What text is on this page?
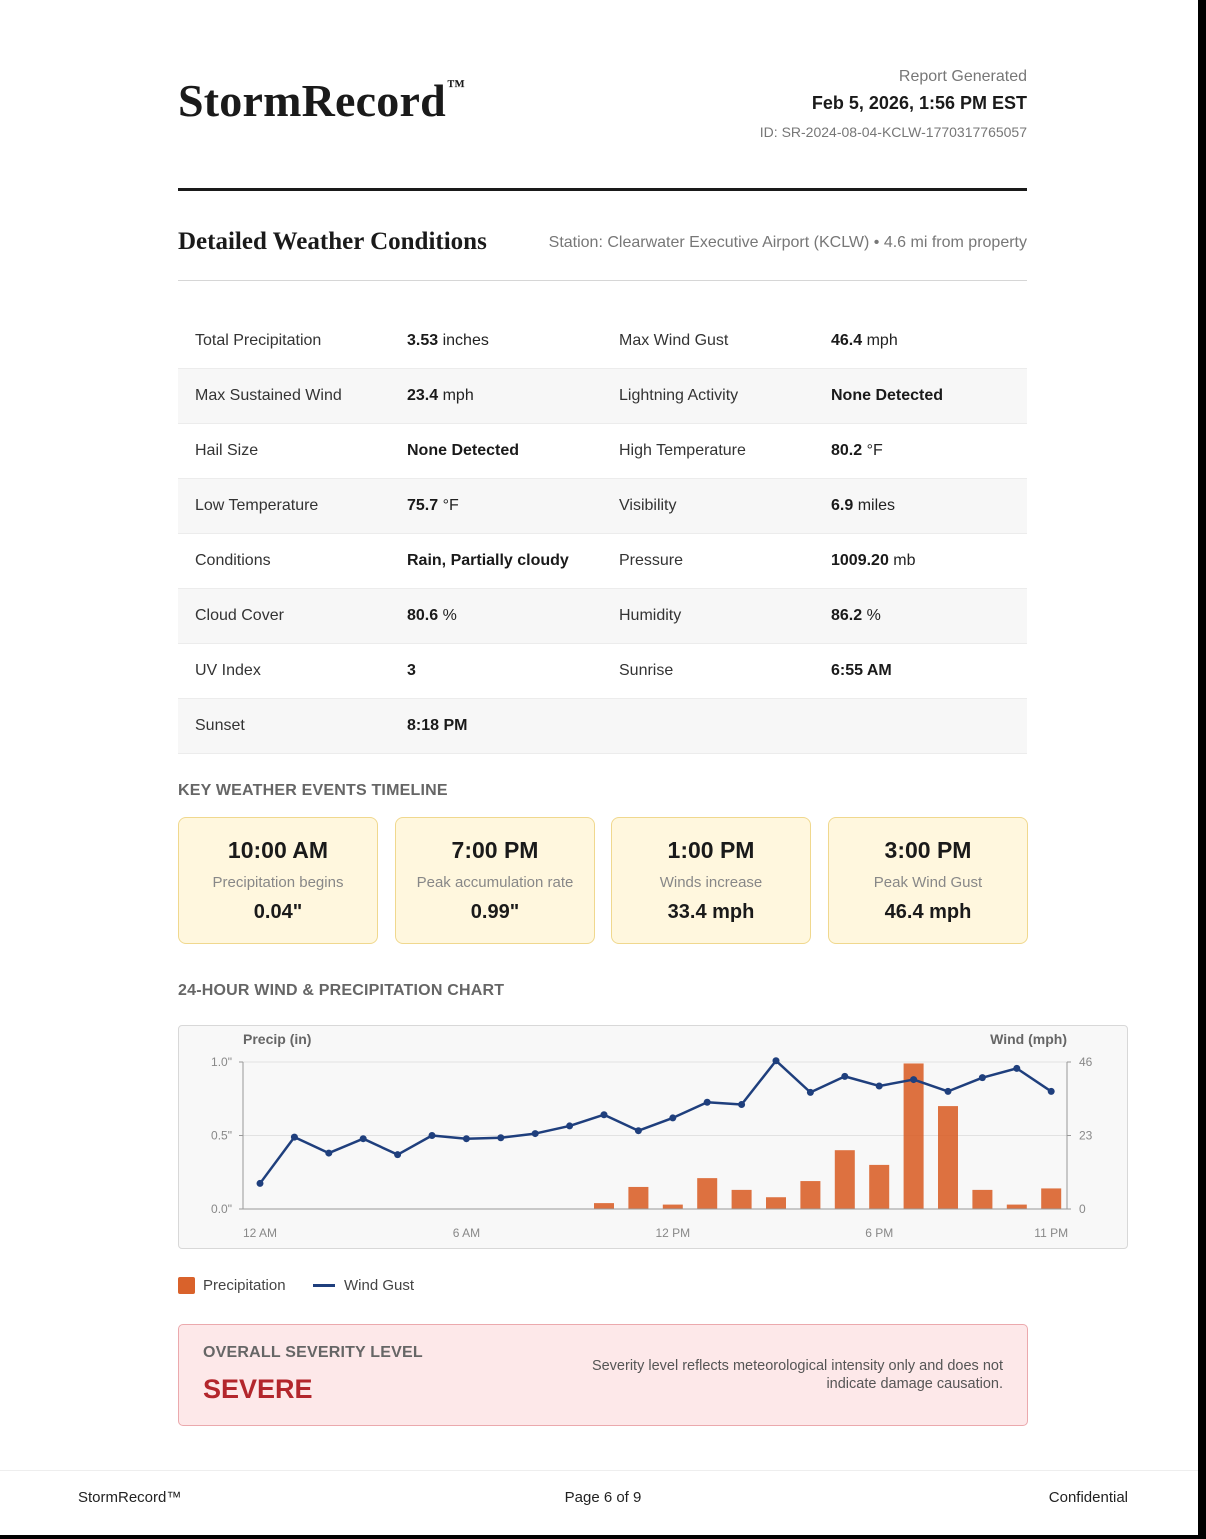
StormRecord™	Report Generated
Feb 5, 2026, 1:56 PM EST
ID: SR-2024-08-04-KCLW-1770317765057
Detailed Weather Conditions	Station: Clearwater Executive Airport (KCLW) • 4.6 mi from property
Total Precipitation	3.53 inches	Max Wind Gust	46.4 mph
Max Sustained Wind	23.4 mph	Lightning Activity	None Detected
Hail Size	None Detected	High Temperature	80.2 °F
Low Temperature	75.7 °F	Visibility	6.9 miles
Conditions	Rain, Partially cloudy	Pressure	1009.20 mb
Cloud Cover	80.6 %	Humidity	86.2 %
UV Index	3	Sunrise	6:55 AM
Sunset	8:18 PM		
KEY WEATHER EVENTS TIMELINE
10:00 AM
Precipitation begins
0.04"
7:00 PM
Peak accumulation rate
0.99"
1:00 PM
Winds increase
33.4 mph
3:00 PM
Peak Wind Gust
46.4 mph
24-HOUR WIND & PRECIPITATION CHART
Precip (in)	Wind (mph)
1.0"
0.5"
0.0"
46
23
0
12 AM	6 AM	12 PM	6 PM	11 PM
Precipitation	Wind Gust
OVERALL SEVERITY LEVEL
SEVERE
Severity level reflects meteorological intensity only and does not indicate damage causation.
StormRecord™	Page 6 of 9	Confidential
